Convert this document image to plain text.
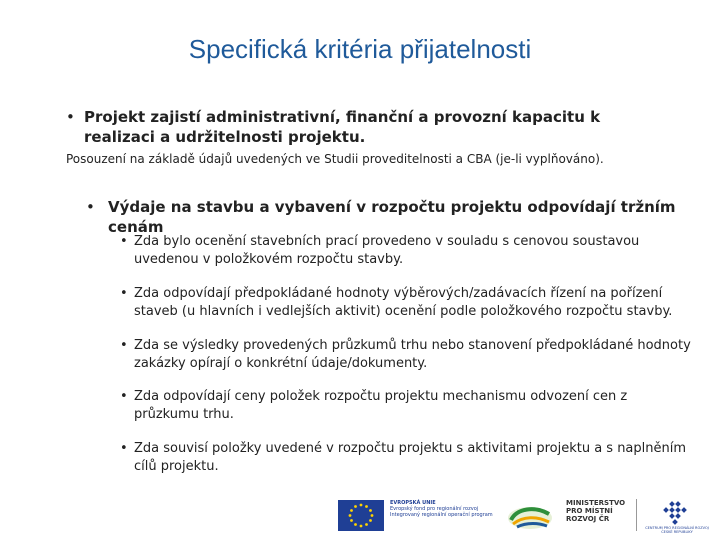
Specifická kritéria přijatelnosti
• Projekt zajistí administrativní, finanční a provozní kapacitu k realizaci a udržitelnosti projektu.
Posouzení na základě údajů uvedených ve Studii proveditelnosti a CBA (je-li vyplňováno).
• Výdaje na stavbu a vybavení v rozpočtu projektu odpovídají tržním cenám
• Zda bylo ocenění stavebních prací provedeno v souladu s cenovou soustavou uvedenou v položkovém rozpočtu stavby.
• Zda odpovídají předpokládané hodnoty výběrových/zadávacích řízení na pořízení staveb (u hlavních i vedlejších aktivit) ocenění podle položkového rozpočtu stavby.
• Zda se výsledky provedených průzkumů trhu nebo stanovení předpokládané hodnoty zakázky opírají o konkrétní údaje/dokumenty.
• Zda odpovídají ceny položek rozpočtu projektu mechanismu odvození cen z průzkumu trhu.
• Zda souvisí položky uvedené v rozpočtu projektu s aktivitami projektu a s naplněním cílů projektu.
EVROPSKÁ UNIE
Evropský fond pro regionální rozvoj
Integrovaný regionální operační program
MINISTERSTVO
PRO MÍSTNÍ
ROZVOJ ČR
CENTRUM PRO REGIONÁLNÍ ROZVOJ ČESKÉ REPUBLIKY
